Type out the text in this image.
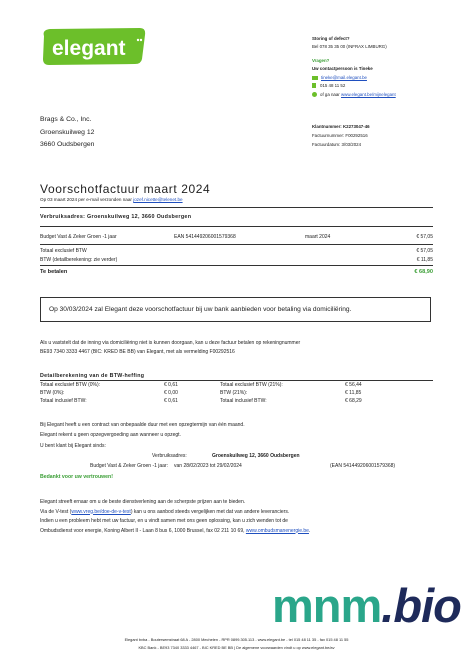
elegant	Storing of defect?
Bel 078 35 35 00 (INFRAX LIMBURG)
Vragen?
Uw contactpersoon is Tineke
tineke@mail.elegant.be
015 48 11 52
of ga naar www.elegant.be/mijnelegant
Brags & Co., Inc.
Groenskuilweg 12
3660 Oudsbergen
Klantnummer: K2273047-46
Factuurnummer: F00292516
Factuurdatum: 3/03/2024
Voorschotfactuur maart 2024
Op 03 maart 2024 per e-mail verzonden naar jozef.nicette@telenet.be
Verbruiksadres: Groenskuilweg 12, 3660 Oudsbergen
Budget Vast & Zeker Groen -1 jaar	EAN 541449206001579368	maart 2024	€ 57,05
Totaal exclusief BTW	€ 57,05
BTW (detailberekening: zie verder)	€ 11,85
Te betalen	€ 68,90
Op 30/03/2024 zal Elegant deze voorschotfactuur bij uw bank aanbieden voor betaling via domiciliëring.
Als u vaststelt dat de inning via domiciliëring niet is kunnen doorgaan, kan u deze factuur betalen op rekeningnummer
BE93 7340 3333 4467 (BIC: KRED BE BB) van Elegant, met als vermelding F00292516
Detailberekening van de BTW-heffing
Totaal exclusief BTW (0%):	€ 0,61	Totaal exclusief BTW (21%):	€ 56,44
BTW (0%):	€ 0,00	BTW (21%):	€ 11,85
Totaal inclusief BTW:	€ 0,61	Totaal inclusief BTW:	€ 68,29
Bij Elegant heeft u een contract van onbepaalde duur met een opzegtermijn van één maand.
Elegant rekent u geen opzegvergoeding aan wanneer u opzegt.
U bent klant bij Elegant sinds:
Verbruiksadres:	Groenskuilweg 12, 3660 Oudsbergen
Budget Vast & Zeker Groen -1 jaar: van 28/02/2023 tot 29/02/2024	(EAN 541449206001579368)
Bedankt voor uw vertrouwen!
Elegant streeft ernaar om u de beste dienstverlening aan de scherpste prijzen aan te bieden.
Via de V-test (www.vreg.be/doe-de-v-test) kan u ons aanbod steeds vergelijken met dat van andere leveranciers.
Indien u een probleem hebt met uw factuur, en u vindt samen met ons geen oplossing, kan u zich wenden tot de
Ombudsdienst voor energie, Koning Albert II - Laan 8 bus 6, 1000 Brussel, fax 02 211 10 69, www.ombudsmanenergie.be.
mnm.bio
Elegant bvba - Boutersemstraat 68 A - 2800 Mechelen - RPR 0899.305.113 - www.elegant.be - tel 015 48 11 35 - fax 015 48 11 55
KBC Bank - BE93 7340 3333 4467 - BIC KRED BE BB | De algemene voorwaarden vindt u op www.elegant.be/av
